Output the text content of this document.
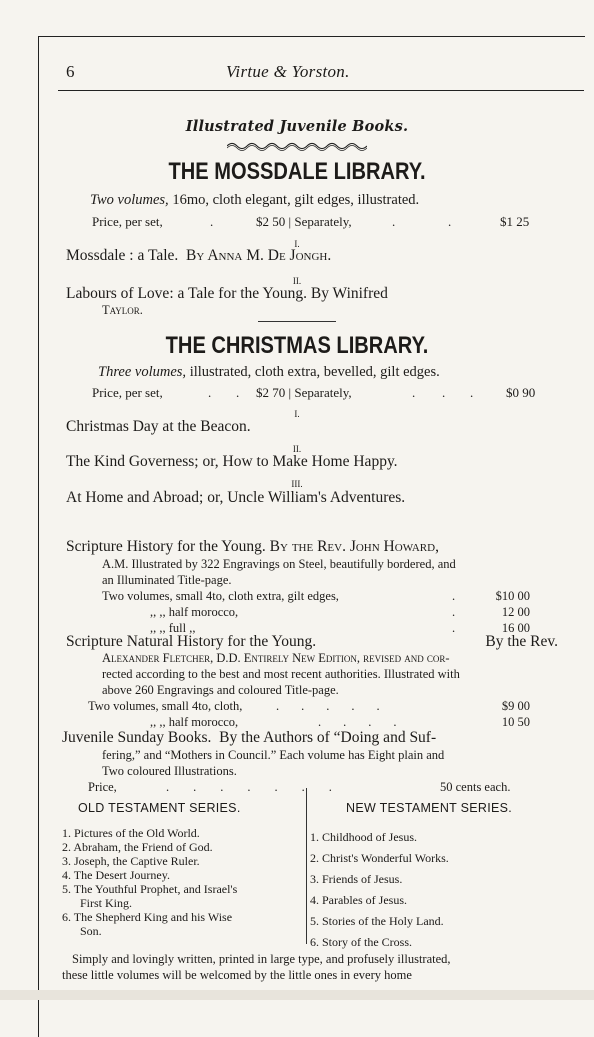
6	Virtue & Yorston.
Illustrated Juvenile Books.
THE MOSSDALE LIBRARY.
Two volumes, 16mo, cloth elegant, gilt edges, illustrated.
Price, per set,	.	$2 50 | Separately,	.	.	$1 25
I.
Mossdale : a Tale. By Anna M. De Jongh.
II.
Labours of Love: a Tale for the Young. By Winifred
Taylor.
THE CHRISTMAS LIBRARY.
Three volumes, illustrated, cloth extra, bevelled, gilt edges.
Price, per set,	. . $2 70 | Separately,	. . .	$0 90
I.
Christmas Day at the Beacon.
II.
The Kind Governess; or, How to Make Home Happy.
III.
At Home and Abroad; or, Uncle William's Adventures.
Scripture History for the Young. By the Rev. John Howard,
A.M. Illustrated by 322 Engravings on Steel, beautifully bordered, and
an Illuminated Title-page.
Two volumes, small 4to, cloth extra, gilt edges,	.	$10 00
,, ,, half morocco,	.	12 00
,, ,, full ,,	.	16 00
Scripture Natural History for the Young.	By the Rev.
Alexander Fletcher, D.D. Entirely New Edition, revised and cor-
rected according to the best and most recent authorities. Illustrated with
above 260 Engravings and coloured Title-page.
Two volumes, small 4to, cloth,	.....	$9 00
,, ,, half morocco,	....	10 50
Juvenile Sunday Books. By the Authors of “Doing and Suf-
fering,” and “Mothers in Council.” Each volume has Eight plain and
Two coloured Illustrations.
Price,	.......	50 cents each.
OLD TESTAMENT SERIES.	NEW TESTAMENT SERIES.
1. Pictures of the Old World.
2. Abraham, the Friend of God.
3. Joseph, the Captive Ruler.
4. The Desert Journey.
5. The Youthful Prophet, and Israel's
First King.
6. The Shepherd King and his Wise
Son.
1. Childhood of Jesus.
2. Christ's Wonderful Works.
3. Friends of Jesus.
4. Parables of Jesus.
5. Stories of the Holy Land.
6. Story of the Cross.
Simply and lovingly written, printed in large type, and profusely illustrated,
these little volumes will be welcomed by the little ones in every home
